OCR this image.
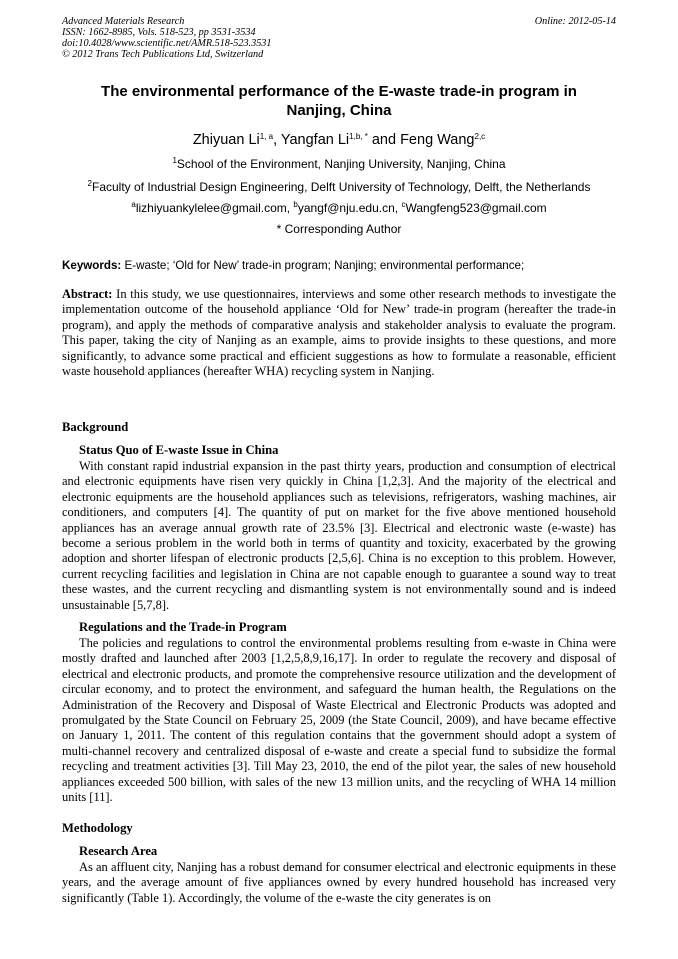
Advanced Materials Research
ISSN: 1662-8985, Vols. 518-523, pp 3531-3534
doi:10.4028/www.scientific.net/AMR.518-523.3531
© 2012 Trans Tech Publications Ltd, Switzerland
Online: 2012-05-14
The environmental performance of the E-waste trade-in program in
Nanjing, China
Zhiyuan Li$^{1, a}$, Yangfan $Li^{1,b, *}$ and Feng Wang$^{2,c}$
$^1$School of the Environment, Nanjing University, Nanjing, China
$^2$Faculty of Industrial Design Engineering, Delft University of Technology, Delft, the Netherlands
$^a$lizhiyuankylelee@gmail.com, $^b$yangf@nju.edu.cn, $^c$Wangfeng523@gmail.com
* Corresponding Author
Keywords: E-waste; ‘Old for New’ trade-in program; Nanjing; environmental performance;
Abstract: In this study, we use questionnaires, interviews and some other research methods to investigate the implementation outcome of the household appliance ‘Old for New’ trade-in program (hereafter the trade-in program), and apply the methods of comparative analysis and stakeholder analysis to evaluate the program. This paper, taking the city of Nanjing as an example, aims to provide insights to these questions, and more significantly, to advance some practical and efficient suggestions as how to formulate a reasonable, efficient waste household appliances (hereafter WHA) recycling system in Nanjing.
Background
Status Quo of E-waste Issue in China
With constant rapid industrial expansion in the past thirty years, production and consumption of electrical and electronic equipments have risen very quickly in China [1,2,3]. And the majority of the electrical and electronic equipments are the household appliances such as televisions, refrigerators, washing machines, air conditioners, and computers [4]. The quantity of put on market for the five above mentioned household appliances has an average annual growth rate of 23.5% [3]. Electrical and electronic waste (e-waste) has become a serious problem in the world both in terms of quantity and toxicity, exacerbated by the growing adoption and shorter lifespan of electronic products [2,5,6]. China is no exception to this problem. However, current recycling facilities and legislation in China are not capable enough to guarantee a sound way to treat these wastes, and the current recycling and dismantling system is not environmentally sound and is indeed unsustainable [5,7,8].
Regulations and the Trade-in Program
The policies and regulations to control the environmental problems resulting from e-waste in China were mostly drafted and launched after 2003 [1,2,5,8,9,16,17]. In order to regulate the recovery and disposal of electrical and electronic products, and promote the comprehensive resource utilization and the development of circular economy, and to protect the environment, and safeguard the human health, the Regulations on the Administration of the Recovery and Disposal of Waste Electrical and Electronic Products was adopted and promulgated by the State Council on February 25, 2009 (the State Council, 2009), and have became effective on January 1, 2011. The content of this regulation contains that the government should adopt a system of multi-channel recovery and centralized disposal of e-waste and create a special fund to subsidize the formal recycling and treatment activities [3]. Till May 23, 2010, the end of the pilot year, the sales of new household appliances exceeded 500 billion, with sales of the new 13 million units, and the recycling of WHA 14 million units [11].
Methodology
Research Area
As an affluent city, Nanjing has a robust demand for consumer electrical and electronic equipments in these years, and the average amount of five appliances owned by every hundred household has increased very significantly (Table 1). Accordingly, the volume of the e-waste the city generates is on
